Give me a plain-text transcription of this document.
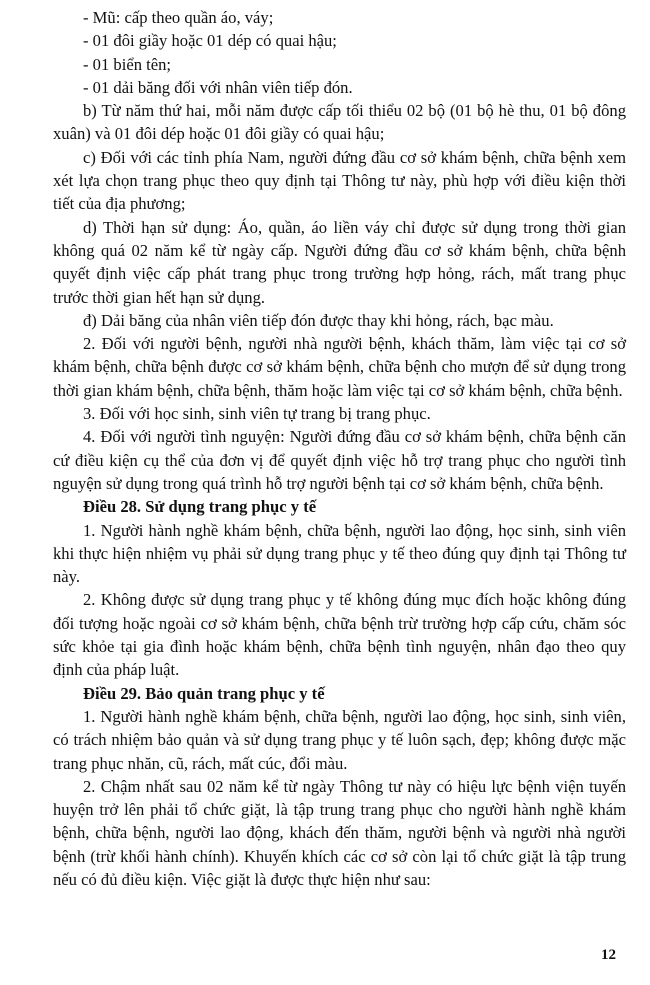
- Mũ: cấp theo quần áo, váy;

- 01 đôi giầy hoặc 01 dép có quai hậu;

- 01 biển tên;

- 01 dải băng đối với nhân viên tiếp đón.

b) Từ năm thứ hai, mỗi năm được cấp tối thiểu 02 bộ (01 bộ hè thu, 01 bộ đông xuân) và 01 đôi dép hoặc 01 đôi giầy có quai hậu;

c) Đối với các tỉnh phía Nam, người đứng đầu cơ sở khám bệnh, chữa bệnh xem xét lựa chọn trang phục theo quy định tại Thông tư này, phù hợp với điều kiện thời tiết của địa phương;

d) Thời hạn sử dụng: Áo, quần, áo liền váy chỉ được sử dụng trong thời gian không quá 02 năm kể từ ngày cấp. Người đứng đầu cơ sở khám bệnh, chữa bệnh quyết định việc cấp phát trang phục trong trường hợp hỏng, rách, mất trang phục trước thời gian hết hạn sử dụng.

đ) Dải băng của nhân viên tiếp đón được thay khi hỏng, rách, bạc màu.

2. Đối với người bệnh, người nhà người bệnh, khách thăm, làm việc tại cơ sở khám bệnh, chữa bệnh được cơ sở khám bệnh, chữa bệnh cho mượn để sử dụng trong thời gian khám bệnh, chữa bệnh, thăm hoặc làm việc tại cơ sở khám bệnh, chữa bệnh.

3. Đối với học sinh, sinh viên tự trang bị trang phục.

4. Đối với người tình nguyện: Người đứng đầu cơ sở khám bệnh, chữa bệnh căn cứ điều kiện cụ thể của đơn vị để quyết định việc hỗ trợ trang phục cho người tình nguyện sử dụng trong quá trình hỗ trợ người bệnh tại cơ sở khám bệnh, chữa bệnh.

Điều 28. Sử dụng trang phục y tế

1. Người hành nghề khám bệnh, chữa bệnh, người lao động, học sinh, sinh viên khi thực hiện nhiệm vụ phải sử dụng trang phục y tế theo đúng quy định tại Thông tư này.

2. Không được sử dụng trang phục y tế không đúng mục đích hoặc không đúng đối tượng hoặc ngoài cơ sở khám bệnh, chữa bệnh trừ trường hợp cấp cứu, chăm sóc sức khỏe tại gia đình hoặc khám bệnh, chữa bệnh tình nguyện, nhân đạo theo quy định của pháp luật.

Điều 29. Bảo quản trang phục y tế

1. Người hành nghề khám bệnh, chữa bệnh, người lao động, học sinh, sinh viên, có trách nhiệm bảo quản và sử dụng trang phục y tế luôn sạch, đẹp; không được mặc trang phục nhăn, cũ, rách, mất cúc, đổi màu.

2. Chậm nhất sau 02 năm kể từ ngày Thông tư này có hiệu lực bệnh viện tuyến huyện trở lên phải tổ chức giặt, là tập trung trang phục cho người hành nghề khám bệnh, chữa bệnh, người lao động, khách đến thăm, người bệnh và người nhà người bệnh (trừ khối hành chính). Khuyến khích các cơ sở còn lại tổ chức giặt là tập trung nếu có đủ điều kiện. Việc giặt là được thực hiện như sau:

12
